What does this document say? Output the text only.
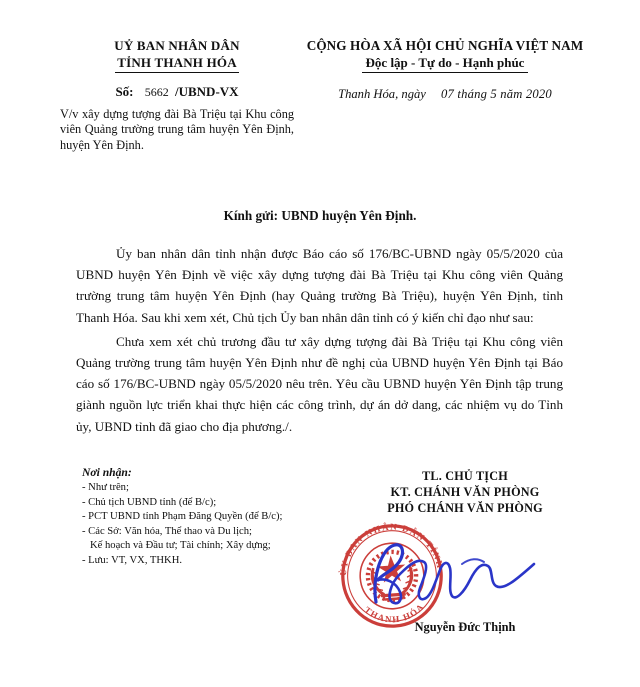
UỶ BAN NHÂN DÂN
TỈNH THANH HÓA
Số: 5662 /UBND-VX
V/v xây dựng tượng đài Bà Triệu tại Khu công viên Quảng trường trung tâm huyện Yên Định, huyện Yên Định.
CỘNG HÒA XÃ HỘI CHỦ NGHĨA VIỆT NAM
Độc lập - Tự do - Hạnh phúc
Thanh Hóa, ngày 07 tháng 5 năm 2020
Kính gửi: UBND huyện Yên Định.

Ủy ban nhân dân tỉnh nhận được Báo cáo số 176/BC-UBND ngày 05/5/2020 của UBND huyện Yên Định về việc xây dựng tượng đài Bà Triệu tại Khu công viên Quảng trường trung tâm huyện Yên Định (hay Quảng trường Bà Triệu), huyện Yên Định, tỉnh Thanh Hóa. Sau khi xem xét, Chủ tịch Ủy ban nhân dân tỉnh có ý kiến chỉ đạo như sau:

Chưa xem xét chủ trương đầu tư xây dựng tượng đài Bà Triệu tại Khu công viên Quảng trường trung tâm huyện Yên Định như đề nghị của UBND huyện Yên Định tại Báo cáo số 176/BC-UBND ngày 05/5/2020 nêu trên. Yêu cầu UBND huyện Yên Định tập trung giành nguồn lực triển khai thực hiện các công trình, dự án dở dang, các nhiệm vụ do Tỉnh ủy, UBND tỉnh đã giao cho địa phương./.

Nơi nhận:
- Như trên;
- Chủ tịch UBND tỉnh (để B/c);
- PCT UBND tỉnh Phạm Đăng Quyền (để B/c);
- Các Sở: Văn hóa, Thể thao và Du lịch;
Kế hoạch và Đầu tư; Tài chính; Xây dựng;
- Lưu: VT, VX, THKH.
TL. CHỦ TỊCH
KT. CHÁNH VĂN PHÒNG
PHÓ CHÁNH VĂN PHÒNG
Nguyễn Đức Thịnh
ỦY BAN NHÂN DÂN TỈNH
THANH HÓA
